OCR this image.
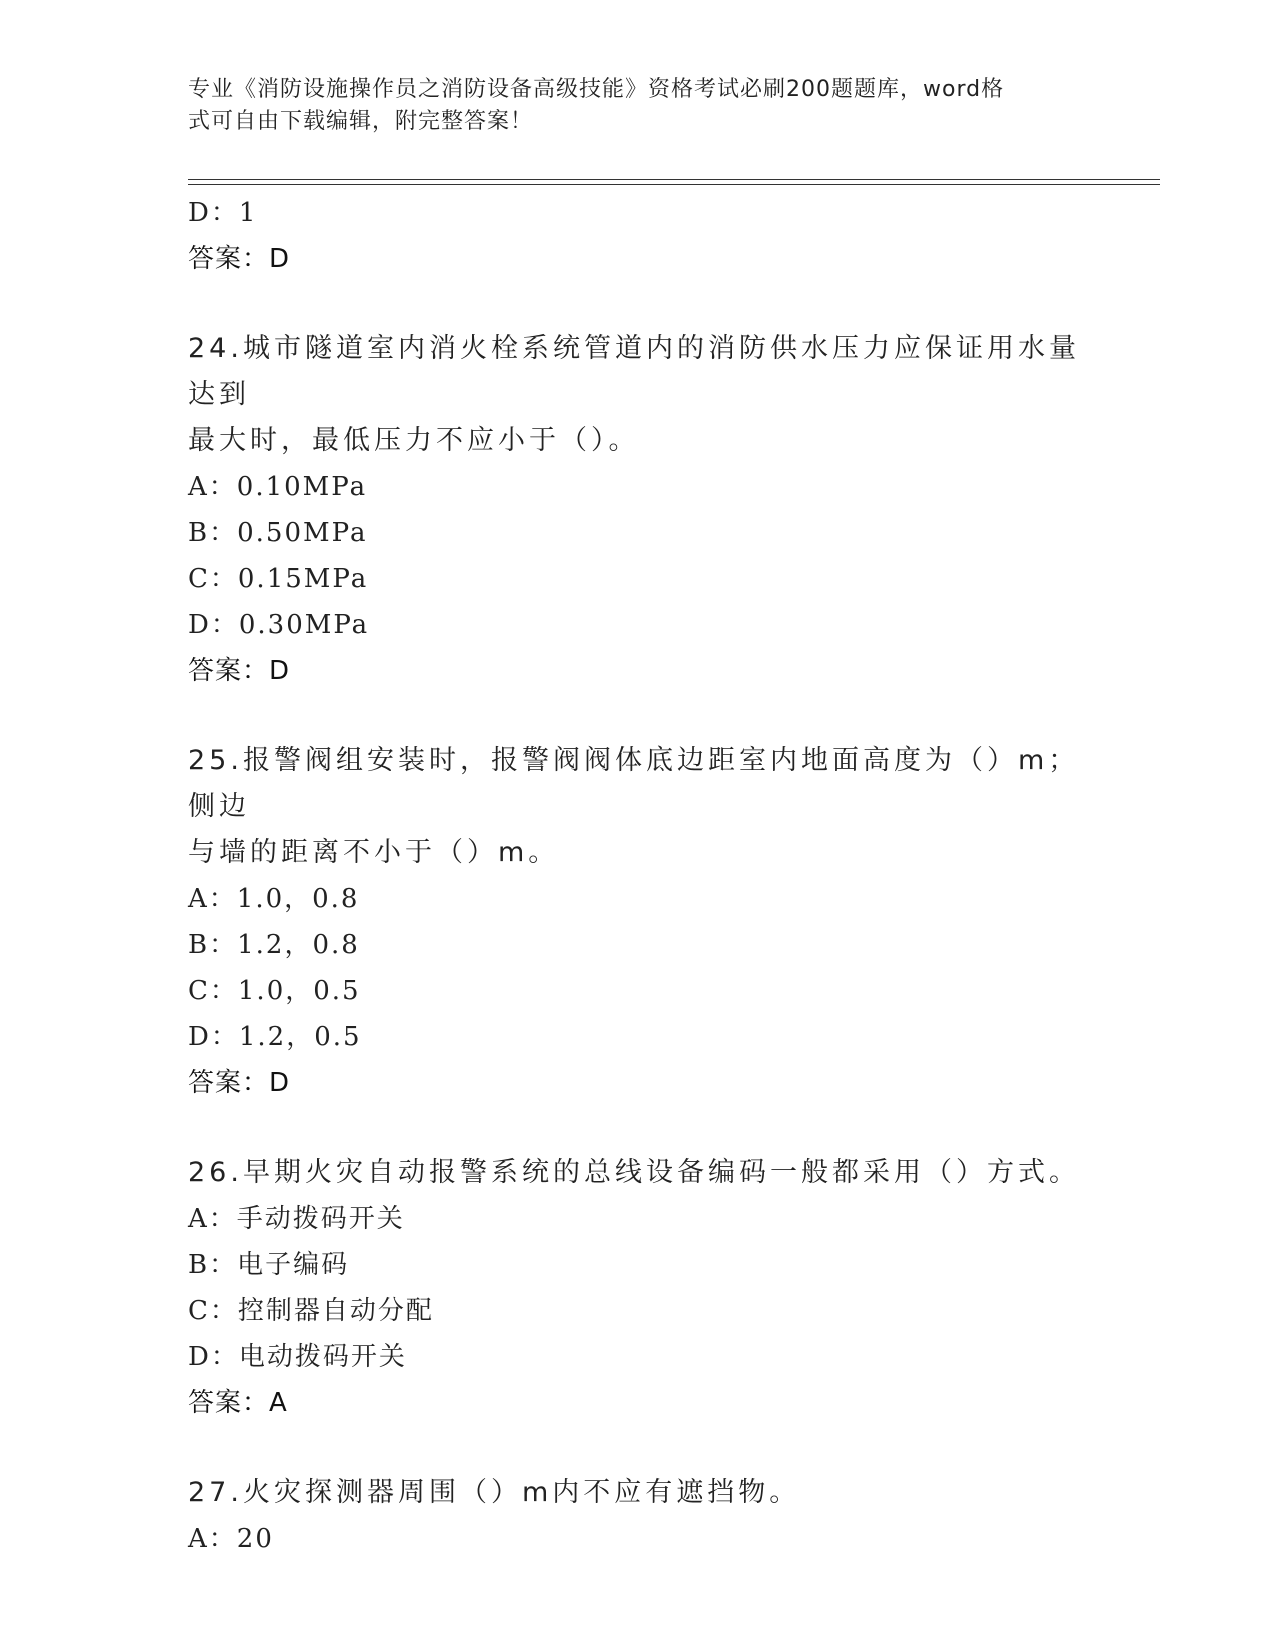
专业《消防设施操作员之消防设备高级技能》资格考试必刷200题题库，word格
式可自由下载编辑，附完整答案！
D：1
答案：D
24.城市隧道室内消火栓系统管道内的消防供水压力应保证用水量达到
最大时，最低压力不应小于（）。
A：0.10MPa
B：0.50MPa
C：0.15MPa
D：0.30MPa
答案：D
25.报警阀组安装时，报警阀阀体底边距室内地面高度为（）m；侧边
与墙的距离不小于（）m。
A：1.0，0.8
B：1.2，0.8
C：1.0，0.5
D：1.2，0.5
答案：D
26.早期火灾自动报警系统的总线设备编码一般都采用（）方式。
A：手动拨码开关
B：电子编码
C：控制器自动分配
D：电动拨码开关
答案：A
27.火灾探测器周围（）m内不应有遮挡物。
A：20
